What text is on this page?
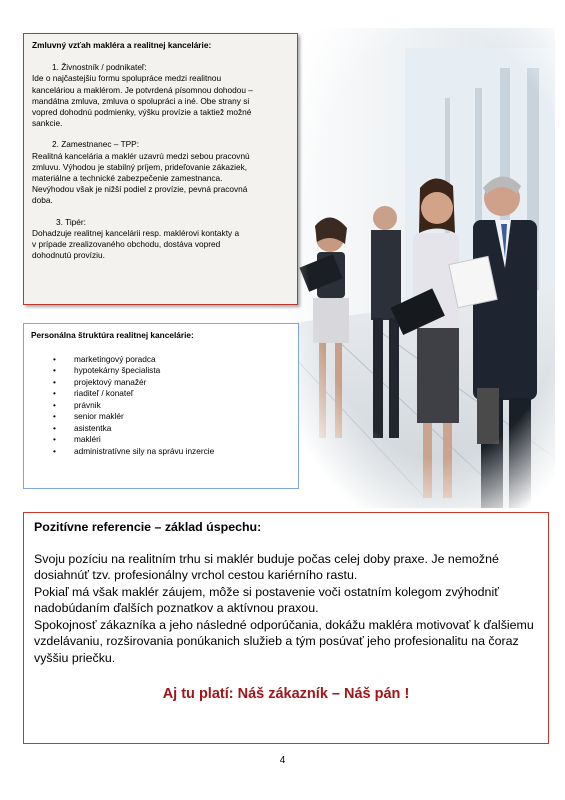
Zmluvný vzťah makléra a realitnej kancelárie:
1. Živnostník / podnikateľ:
Ide o najčastejšiu formu spolupráce medzi realitnou
kanceláriou a maklérom. Je potvrdená písomnou dohodou –
mandátna zmluva, zmluva o spolupráci a iné. Obe strany si
vopred dohodnú podmienky, výšku provízie a taktiež možné
sankcie.
2. Zamestnanec – TPP:
Realitná kancelária a maklér uzavrú medzi sebou pracovnú
zmluvu. Výhodou je stabilný príjem, prideľovanie zákaziek,
materiálne a technické zabezpečenie zamestnanca.
Nevýhodou však je nižší podiel z provízie, pevná pracovná
doba.
3. Tipér:
Dohadzuje realitnej kancelárii resp. maklérovi kontakty a
v prípade zrealizovaného obchodu, dostáva vopred
dohodnutú províziu.
Personálna štruktúra realitnej kancelárie:
• marketingový poradca
• hypotekárny špecialista
• projektový manažér
• riaditeľ / konateľ
• právnik
• senior maklér
• asistentka
• makléri
• administratívne sily na správu inzercie
Pozitívne referencie – základ úspechu:

Svoju pozíciu na realitním trhu si maklér buduje počas celej doby praxe. Je nemožné dosiahnúť tzv. profesionálny vrchol cestou kariérního rastu.

Pokiaľ má však maklér záujem, môže si postavenie voči ostatním kolegom zvýhodniť nadobúdaním ďalších poznatkov a aktívnou praxou.

Spokojnosť zákazníka a jeho následné odporúčania, dokážu makléra motivovať k ďalšiemu vzdelávaniu, rozširovania ponúkanich služieb a tým posúvať jeho profesionalitu na čoraz vyššiu priečku.

Aj tu platí: Náš zákazník – Náš pán !
4
